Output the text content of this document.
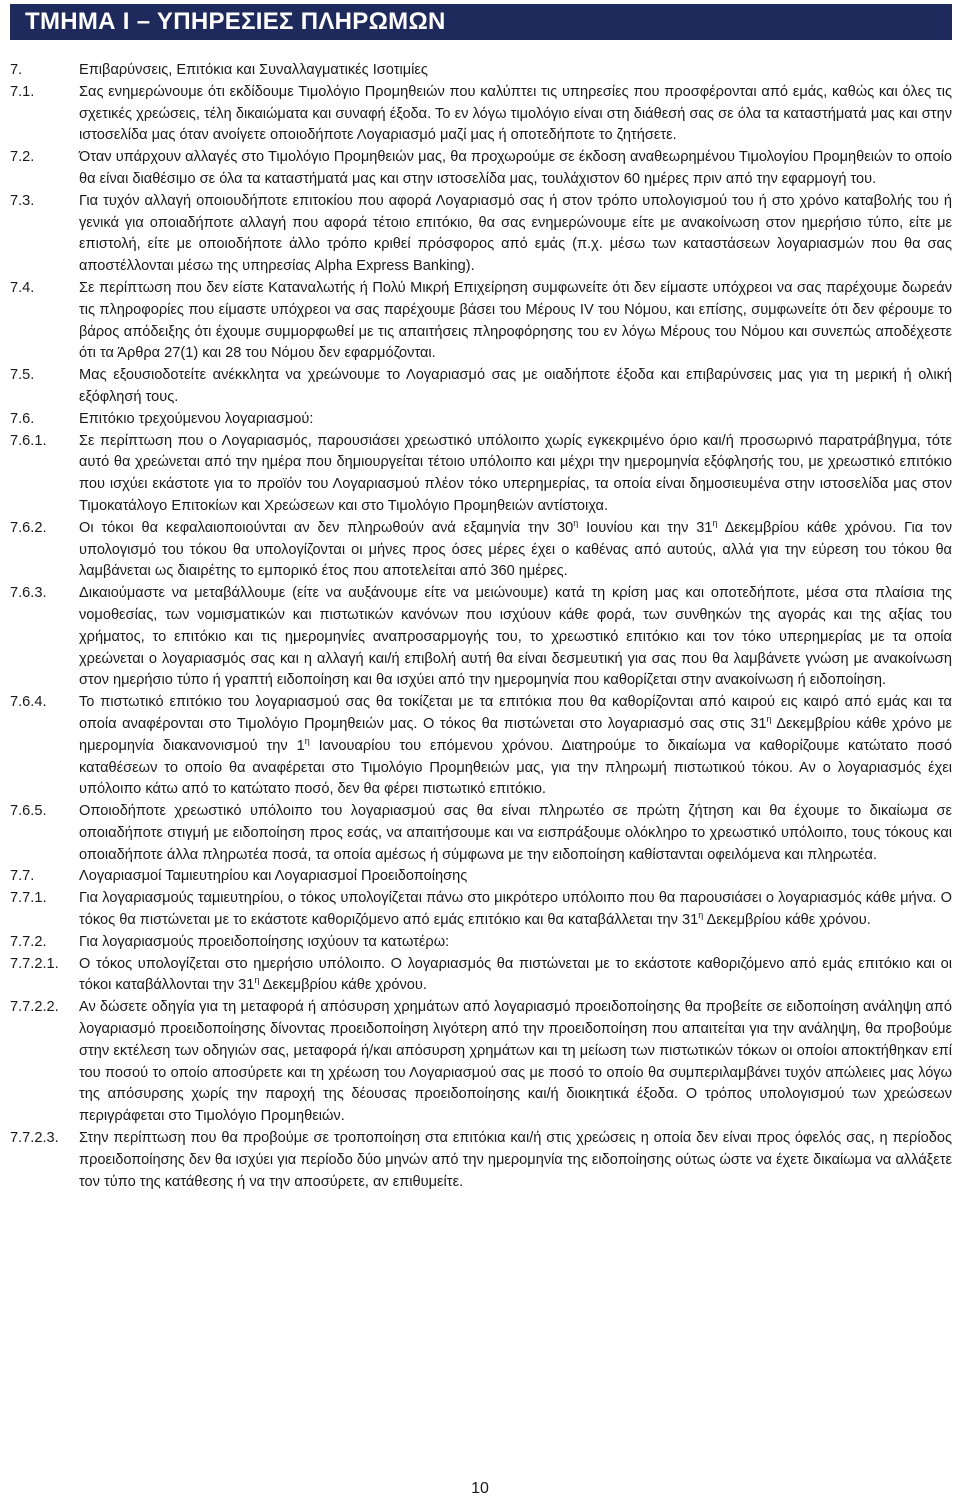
ΤΜΗΜΑ Ι – ΥΠΗΡΕΣΙΕΣ ΠΛΗΡΩΜΩΝ
7.	Επιβαρύνσεις, Επιτόκια και Συναλλαγματικές Ισοτιμίες
7.1.	Σας ενημερώνουμε ότι εκδίδουμε Τιμολόγιο Προμηθειών που καλύπτει τις υπηρεσίες που προσφέρονται από εμάς, καθώς και όλες τις σχετικές χρεώσεις, τέλη δικαιώματα και συναφή έξοδα. Το εν λόγω τιμολόγιο είναι στη διάθεσή σας σε όλα τα καταστήματά μας και στην ιστοσελίδα μας όταν ανοίγετε οποιοδήποτε Λογαριασμό μαζί μας ή οποτεδήποτε το ζητήσετε.
7.2.	Όταν υπάρχουν αλλαγές στο Τιμολόγιο Προμηθειών μας, θα προχωρούμε σε έκδοση αναθεωρημένου Τιμολογίου Προμηθειών το οποίο θα είναι διαθέσιμο σε όλα τα καταστήματά μας και στην ιστοσελίδα μας, τουλάχιστον 60 ημέρες πριν από την εφαρμογή του.
7.3.	Για τυχόν αλλαγή οποιουδήποτε επιτοκίου που αφορά Λογαριασμό σας ή στον τρόπο υπολογισμού του ή στο χρόνο καταβολής του ή γενικά για οποιαδήποτε αλλαγή που αφορά τέτοιο επιτόκιο, θα σας ενημερώνουμε είτε με ανακοίνωση στον ημερήσιο τύπο, είτε με επιστολή, είτε με οποιοδήποτε άλλο τρόπο κριθεί πρόσφορος από εμάς (π.χ. μέσω των καταστάσεων λογαριασμών που θα σας αποστέλλονται μέσω της υπηρεσίας Alpha Express Banking).
7.4.	Σε περίπτωση που δεν είστε Καταναλωτής ή Πολύ Μικρή Επιχείρηση συμφωνείτε ότι δεν είμαστε υπόχρεοι να σας παρέχουμε δωρεάν τις πληροφορίες που είμαστε υπόχρεοι να σας παρέχουμε βάσει του Μέρους IV του Νόμου, και επίσης, συμφωνείτε ότι δεν φέρουμε το βάρος απόδειξης ότι έχουμε συμμορφωθεί με τις απαιτήσεις πληροφόρησης του εν λόγω Μέρους του Νόμου και συνεπώς αποδέχεστε ότι τα Άρθρα 27(1) και 28 του Νόμου δεν εφαρμόζονται.
7.5.	Μας εξουσιοδοτείτε ανέκκλητα να χρεώνουμε το Λογαριασμό σας με οιαδήποτε έξοδα και επιβαρύνσεις μας για τη μερική ή ολική εξόφλησή τους.
7.6.	Επιτόκιο τρεχούμενου λογαριασμού:
7.6.1.	Σε περίπτωση που ο Λογαριασμός, παρουσιάσει χρεωστικό υπόλοιπο χωρίς εγκεκριμένο όριο και/ή προσωρινό παρατράβηγμα, τότε αυτό θα χρεώνεται από την ημέρα που δημιουργείται τέτοιο υπόλοιπο και μέχρι την ημερομηνία εξόφλησής του, με χρεωστικό επιτόκιο που ισχύει εκάστοτε για το προϊόν του Λογαριασμού πλέον τόκο υπερημερίας, τα οποία είναι δημοσιευμένα στην ιστοσελίδα μας στον Τιμοκατάλογο Επιτοκίων και Χρεώσεων και στο Τιμολόγιο Προμηθειών αντίστοιχα.
7.6.2.	Οι τόκοι θα κεφαλαιοποιούνται αν δεν πληρωθούν ανά εξαμηνία την $30^\eta$ Ιουνίου και την $31^\eta$ Δεκεμβρίου κάθε χρόνου. Για τον υπολογισμό του τόκου θα υπολογίζονται οι μήνες προς όσες μέρες έχει ο καθένας από αυτούς, αλλά για την εύρεση του τόκου θα λαμβάνεται ως διαιρέτης το εμπορικό έτος που αποτελείται από 360 ημέρες.
7.6.3.	Δικαιούμαστε να μεταβάλλουμε (είτε να αυξάνουμε είτε να μειώνουμε) κατά τη κρίση μας και οποτεδήποτε, μέσα στα πλαίσια της νομοθεσίας, των νομισματικών και πιστωτικών κανόνων που ισχύουν κάθε φορά, των συνθηκών της αγοράς και της αξίας του χρήματος, το επιτόκιο και τις ημερομηνίες αναπροσαρμογής του, το χρεωστικό επιτόκιο και τον τόκο υπερημερίας με τα οποία χρεώνεται ο λογαριασμός σας και η αλλαγή και/ή επιβολή αυτή θα είναι δεσμευτική για σας που θα λαμβάνετε γνώση με ανακοίνωση στον ημερήσιο τύπο ή γραπτή ειδοποίηση και θα ισχύει από την ημερομηνία που καθορίζεται στην ανακοίνωση ή ειδοποίηση.
7.6.4.	Το πιστωτικό επιτόκιο του λογαριασμού σας θα τοκίζεται με τα επιτόκια που θα καθορίζονται από καιρού εις καιρό από εμάς και τα οποία αναφέρονται στο Τιμολόγιο Προμηθειών μας. Ο τόκος θα πιστώνεται στο λογαριασμό σας στις $31^\eta$ Δεκεμβρίου κάθε χρόνο με ημερομηνία διακανονισμού την $1^\eta$ Ιανουαρίου του επόμενου χρόνου. Διατηρούμε το δικαίωμα να καθορίζουμε κατώτατο ποσό καταθέσεων το οποίο θα αναφέρεται στο Τιμολόγιο Προμηθειών μας, για την πληρωμή πιστωτικού τόκου. Αν ο λογαριασμός έχει υπόλοιπο κάτω από το κατώτατο ποσό, δεν θα φέρει πιστωτικό επιτόκιο.
7.6.5.	Οποιοδήποτε χρεωστικό υπόλοιπο του λογαριασμού σας θα είναι πληρωτέο σε πρώτη ζήτηση και θα έχουμε το δικαίωμα σε οποιαδήποτε στιγμή με ειδοποίηση προς εσάς, να απαιτήσουμε και να εισπράξουμε ολόκληρο το χρεωστικό υπόλοιπο, τους τόκους και οποιαδήποτε άλλα πληρωτέα ποσά, τα οποία αμέσως ή σύμφωνα με την ειδοποίηση καθίστανται οφειλόμενα και πληρωτέα.
7.7.	Λογαριασμοί Ταμιευτηρίου και Λογαριασμοί Προειδοποίησης
7.7.1.	Για λογαριασμούς ταμιευτηρίου, ο τόκος υπολογίζεται πάνω στο μικρότερο υπόλοιπο που θα παρουσιάσει ο λογαριασμός κάθε μήνα. Ο τόκος θα πιστώνεται με το εκάστοτε καθοριζόμενο από εμάς επιτόκιο και θα καταβάλλεται την $31^\eta$ Δεκεμβρίου κάθε χρόνου.
7.7.2.	Για λογαριασμούς προειδοποίησης ισχύουν τα κατωτέρω:
7.7.2.1.	Ο τόκος υπολογίζεται στο ημερήσιο υπόλοιπο. Ο λογαριασμός θα πιστώνεται με το εκάστοτε καθοριζόμενο από εμάς επιτόκιο και οι τόκοι καταβάλλονται την $31^\eta$ Δεκεμβρίου κάθε χρόνου.
7.7.2.2.	Αν δώσετε οδηγία για τη μεταφορά ή απόσυρση χρημάτων από λογαριασμό προειδοποίησης θα προβείτε σε ειδοποίηση ανάληψη από λογαριασμό προειδοποίησης δίνοντας προειδοποίηση λιγότερη από την προειδοποίηση που απαιτείται για την ανάληψη, θα προβούμε στην εκτέλεση των οδηγιών σας, μεταφορά ή/και απόσυρση χρημάτων και τη μείωση των πιστωτικών τόκων οι οποίοι αποκτήθηκαν επί του ποσού το οποίο αποσύρετε και τη χρέωση του Λογαριασμού σας με ποσό το οποίο θα συμπεριλαμβάνει τυχόν απώλειες μας λόγω της απόσυρσης χωρίς την παροχή της δέουσας προειδοποίησης και/ή διοικητικά έξοδα. Ο τρόπος υπολογισμού των χρεώσεων περιγράφεται στο Τιμολόγιο Προμηθειών.
7.7.2.3.	Στην περίπτωση που θα προβούμε σε τροποποίηση στα επιτόκια και/ή στις χρεώσεις η οποία δεν είναι προς όφελός σας, η περίοδος προειδοποίησης δεν θα ισχύει για περίοδο δύο μηνών από την ημερομηνία της ειδοποίησης ούτως ώστε να έχετε δικαίωμα να αλλάξετε τον τύπο της κατάθεσης ή να την αποσύρετε, αν επιθυμείτε.
10
